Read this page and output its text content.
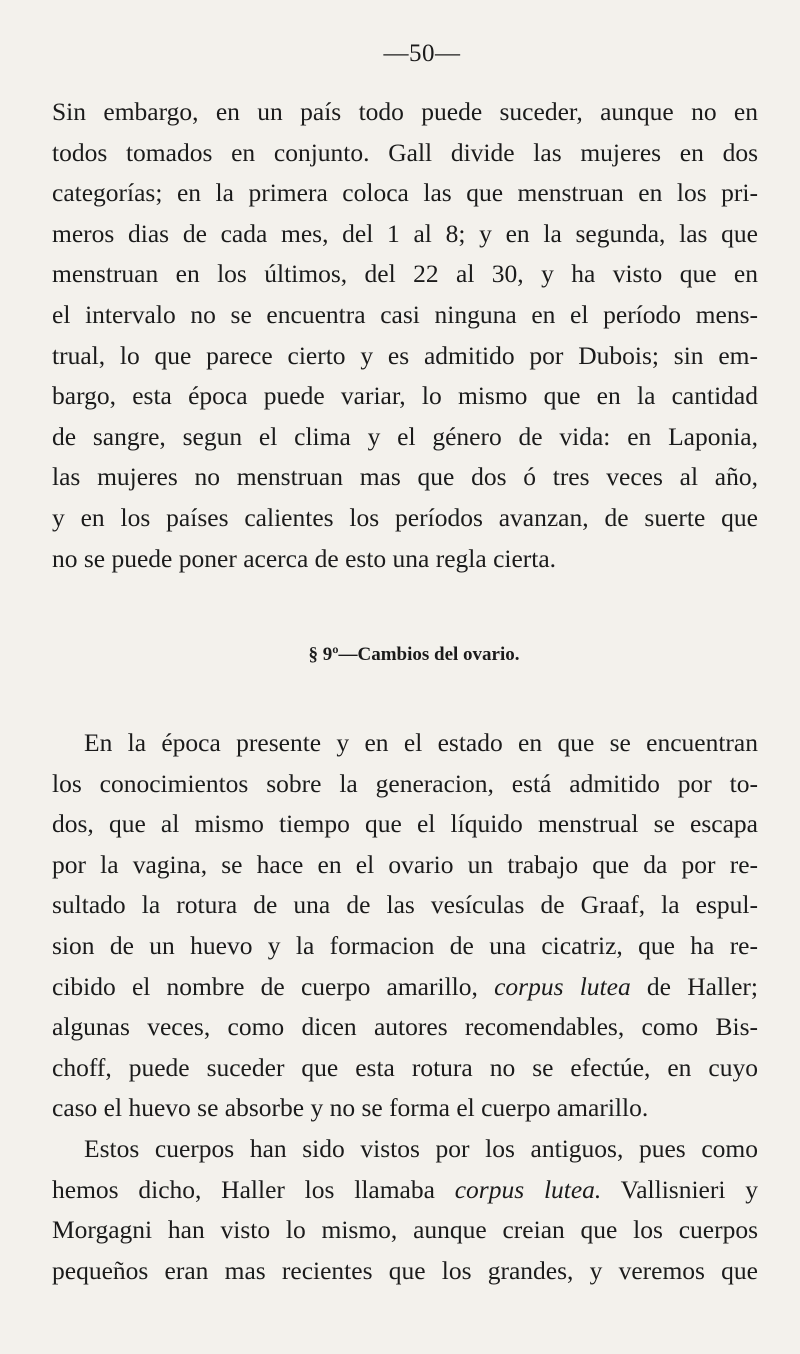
—50—
Sin embargo, en un país todo puede suceder, aunque no en
todos tomados en conjunto. Gall divide las mujeres en dos
categorías; en la primera coloca las que menstruan en los pri-
meros dias de cada mes, del 1 al 8; y en la segunda, las que
menstruan en los últimos, del 22 al 30, y ha visto que en
el intervalo no se encuentra casi ninguna en el período mens-
trual, lo que parece cierto y es admitido por Dubois; sin em-
bargo, esta época puede variar, lo mismo que en la cantidad
de sangre, segun el clima y el género de vida: en Laponia,
las mujeres no menstruan mas que dos ó tres veces al año,
y en los países calientes los períodos avanzan, de suerte que
no se puede poner acerca de esto una regla cierta.
§ 9º—Cambios del ovario.
En la época presente y en el estado en que se encuentran
los conocimientos sobre la generacion, está admitido por to-
dos, que al mismo tiempo que el líquido menstrual se escapa
por la vagina, se hace en el ovario un trabajo que da por re-
sultado la rotura de una de las vesículas de Graaf, la espul-
sion de un huevo y la formacion de una cicatriz, que ha re-
cibido el nombre de cuerpo amarillo, corpus lutea de Haller;
algunas veces, como dicen autores recomendables, como Bis-
choff, puede suceder que esta rotura no se efectúe, en cuyo
caso el huevo se absorbe y no se forma el cuerpo amarillo.
Estos cuerpos han sido vistos por los antiguos, pues como
hemos dicho, Haller los llamaba corpus lutea. Vallisnieri y
Morgagni han visto lo mismo, aunque creian que los cuerpos
pequeños eran mas recientes que los grandes, y veremos que
